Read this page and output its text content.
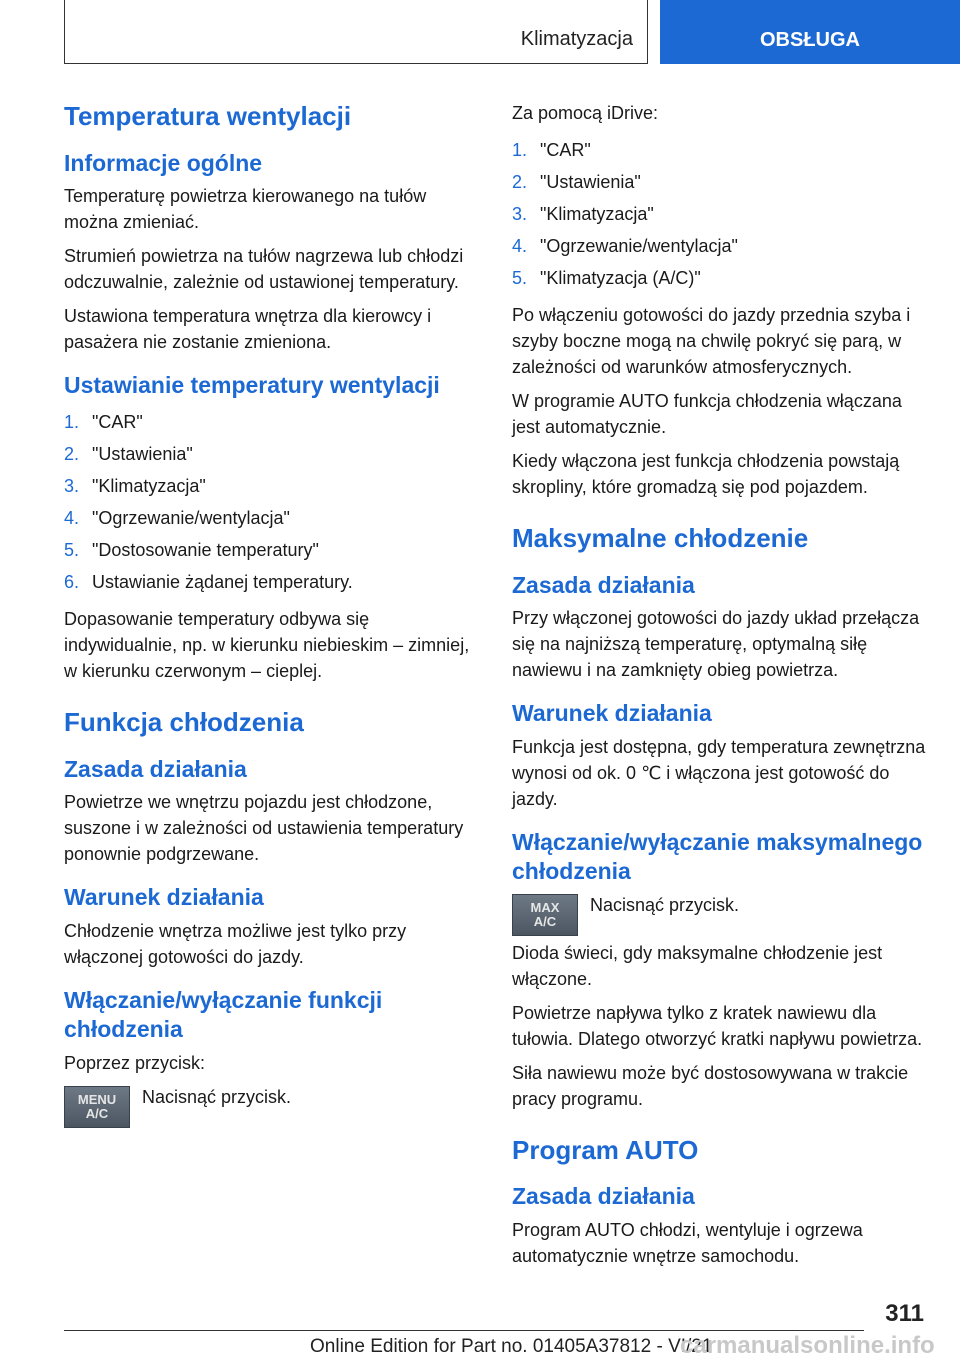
Klimatyzacja	OBSŁUGA
Temperatura wentylacji
Informacje ogólne

Temperaturę powietrza kierowanego na tułów można zmieniać.

Strumień powietrza na tułów nagrzewa lub chłodzi odczuwalnie, zależnie od ustawionej temperatury.

Ustawiona temperatura wnętrza dla kierowcy i pasażera nie zostanie zmieniona.

Ustawianie temperatury wentylacji
1. "CAR"
2. "Ustawienia"
3. "Klimatyzacja"
4. "Ogrzewanie/wentylacja"
5. "Dostosowanie temperatury"
6. Ustawianie żądanej temperatury.

Dopasowanie temperatury odbywa się indywidualnie, np. w kierunku niebieskim – zimniej, w kierunku czerwonym – cieplej.

Funkcja chłodzenia
Zasada działania

Powietrze we wnętrzu pojazdu jest chłodzone, suszone i w zależności od ustawienia temperatury ponownie podgrzewane.

Warunek działania

Chłodzenie wnętrza możliwe jest tylko przy włączonej gotowości do jazdy.

Włączanie/wyłączanie funkcji chłodzenia

Poprzez przycisk:

MENU
A/C

Nacisnąć przycisk.

Za pomocą iDrive:

1. "CAR"
2. "Ustawienia"
3. "Klimatyzacja"
4. "Ogrzewanie/wentylacja"
5. "Klimatyzacja (A/C)"

Po włączeniu gotowości do jazdy przednia szyba i szyby boczne mogą na chwilę pokryć się parą, w zależności od warunków atmosferycznych.

W programie AUTO funkcja chłodzenia włączana jest automatycznie.

Kiedy włączona jest funkcja chłodzenia powstają skropliny, które gromadzą się pod pojazdem.

Maksymalne chłodzenie
Zasada działania

Przy włączonej gotowości do jazdy układ przełącza się na najniższą temperaturę, optymalną siłę nawiewu i na zamknięty obieg powietrza.

Warunek działania

Funkcja jest dostępna, gdy temperatura zewnętrzna wynosi od ok. 0 ℃ i włączona jest gotowość do jazdy.

Włączanie/wyłączanie maksymalnego chłodzenia
MAX
A/C

Nacisnąć przycisk.

Dioda świeci, gdy maksymalne chłodzenie jest włączone.

Powietrze napływa tylko z kratek nawiewu dla tułowia. Dlatego otworzyć kratki napływu powietrza.

Siła nawiewu może być dostosowywana w trakcie pracy programu.

Program AUTO
Zasada działania

Program AUTO chłodzi, wentyluje i ogrzewa automatycznie wnętrze samochodu.

311
Online Edition for Part no. 01405A37812 - VI/21
carmanualsonline.info
